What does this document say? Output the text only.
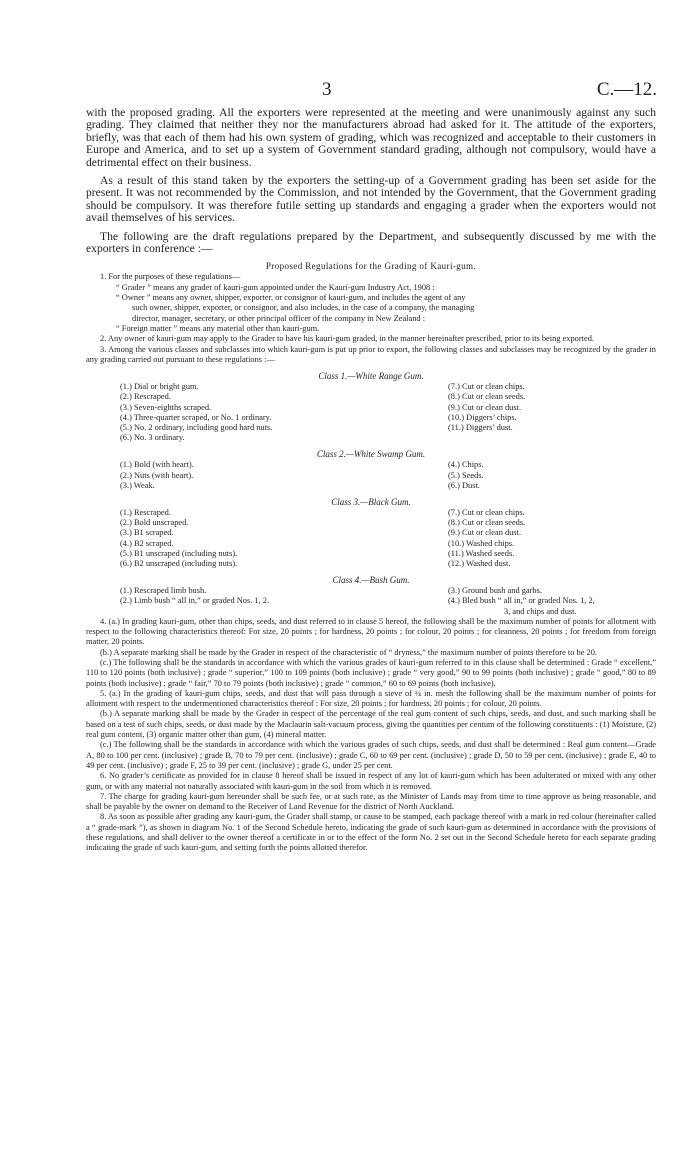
3	C.—12.

with the proposed grading. All the exporters were represented at the meeting and were unanimously against any such grading. They claimed that neither they nor the manufacturers abroad had asked for it. The attitude of the exporters, briefly, was that each of them had his own system of grading, which was recognized and acceptable to their customers in Europe and America, and to set up a system of Government standard grading, although not compulsory, would have a detrimental effect on their business.

As a result of this stand taken by the exporters the setting-up of a Government grading has been set aside for the present. It was not recommended by the Commission, and not intended by the Government, that the Government grading should be compulsory. It was therefore futile setting up standards and engaging a grader when the exporters would not avail themselves of his services.

The following are the draft regulations prepared by the Department, and subsequently discussed by me with the exporters in conference :—

Proposed Regulations for the Grading of Kauri-gum.

1. For the purposes of these regulations—

“ Grader ” means any grader of kauri-gum appointed under the Kauri-gum Industry Act, 1908 :

“ Owner ” means any owner, shipper, exporter, or consignor of kauri-gum, and includes the agent of any

such owner, shipper, exporter, or consignor, and also includes, in the case of a company, the managing

director, manager, secretary, or other principal officer of the company in New Zealand :

“ Foreign matter ” means any material other than kauri-gum.

2. Any owner of kauri-gum may apply to the Grader to have his kauri-gum graded, in the manner hereinafter prescribed, prior to its being exported.

3. Among the various classes and subclasses into which kauri-gum is put up prior to export, the following classes and subclasses may be recognized by the grader in any grading carried out pursuant to these regulations :—

Class 1.—White Range Gum.
(1.) Dial or bright gum.
(2.) Rescraped.
(3.) Seven-eighths scraped.
(4.) Three-quarter scraped, or No. 1 ordinary.
(5.) No. 2 ordinary, including good hard nuts.
(6.) No. 3 ordinary.
(7.) Cut or clean chips.
(8.) Cut or clean seeds.
(9.) Cut or clean dust.
(10.) Diggers’ chips.
(11.) Diggers’ dust.
Class 2.—White Swamp Gum.
(1.) Bold (with heart).
(2.) Nuts (with heart).
(3.) Weak.
(4.) Chips.
(5.) Seeds.
(6.) Dust.
Class 3.—Black Gum.
(1.) Rescraped.
(2.) Bold unscraped.
(3.) B1 scraped.
(4.) B2 scraped.
(5.) B1 unscraped (including nuts).
(6.) B2 unscraped (including nuts).
(7.) Cut or clean chips.
(8.) Cut or clean seeds.
(9.) Cut or clean dust.
(10.) Washed chips.
(11.) Washed seeds.
(12.) Washed dust.
Class 4.—Bush Gum.
(1.) Rescraped limb bush.
(2.) Limb bush “ all in,” or graded Nos. 1, 2.
(3.) Ground bush and garbs.
(4.) Bled bush “ all in,” or graded Nos. 1, 2,
3, and chips and dust.

4. (a.) In grading kauri-gum, other than chips, seeds, and dust referred to in clause 5 hereof, the following shall be the maximum number of points for allotment with respect to the following characteristics thereof: For size, 20 points ; for hardness, 20 points ; for colour, 20 points ; for cleanness, 20 points ; for freedom from foreign matter, 20 points.

(b.) A separate marking shall be made by the Grader in respect of the characteristic of “ dryness,” the maximum number of points therefore to be 20.

(c.) The following shall be the standards in accordance with which the various grades of kauri-gum referred to in this clause shall be determined : Grade “ excellent,” 110 to 120 points (both inclusive) ; grade “ superior,” 100 to 109 points (both inclusive) ; grade “ very good,” 90 to 99 points (both inclusive) ; grade “ good,” 80 to 89 points (both inclusive) ; grade “ fair,” 70 to 79 points (both inclusive) ; grade “ common,” 60 to 69 points (both inclusive).

5. (a.) In the grading of kauri-gum chips, seeds, and dust that will pass through a sieve of ¼ in. mesh the following shall be the maximum number of points for allotment with respect to the undermentioned characteristics thereof : For size, 20 points ; for hardness, 20 points ; for colour, 20 points.

(b.) A separate marking shall be made by the Grader in respect of the percentage of the real gum content of such chips, seeds, and dust, and such marking shall be based on a test of such chips, seeds, or dust made by the Maclaurin salt-vacuum process, giving the quantities per centum of the following constituents : (1) Moisture, (2) real gum content, (3) organic matter other than gum, (4) mineral matter.

(c.) The following shall be the standards in accordance with which the various grades of such chips, seeds, and dust shall be determined : Real gum content—Grade A, 80 to 100 per cent. (inclusive) ; grade B, 70 to 79 per cent. (inclusive) ; grade C, 60 to 69 per cent. (inclusive) ; grade D, 50 to 59 per cent. (inclusive) ; grade E, 40 to 49 per cent. (inclusive) ; grade F, 25 to 39 per cent. (inclusive) ; grade G, under 25 per cent.

6. No grader’s certificate as provided for in clause 8 hereof shall be issued in respect of any lot of kauri-gum which has been adulterated or mixed with any other gum, or with any material not naturally associated with kauri-gum in the soil from which it is removed.

7. The charge for grading kauri-gum hereunder shall be such fee, or at such rate, as the Minister of Lands may from time to time approve as being reasonable, and shall be payable by the owner on demand to the Receiver of Land Revenue for the district of North Auckland.

8. As soon as possible after grading any kauri-gum, the Grader shall stamp, or cause to be stamped, each package thereof with a mark in red colour (hereinafter called a “ grade-mark ”), as shown in diagram No. 1 of the Second Schedule hereto, indicating the grade of such kauri-gum as determined in accordance with the provisions of these regulations, and shall deliver to the owner thereof a certificate in or to the effect of the form No. 2 set out in the Second Schedule hereto for each separate grading indicating the grade of such kauri-gum, and setting forth the points allotted therefor.
